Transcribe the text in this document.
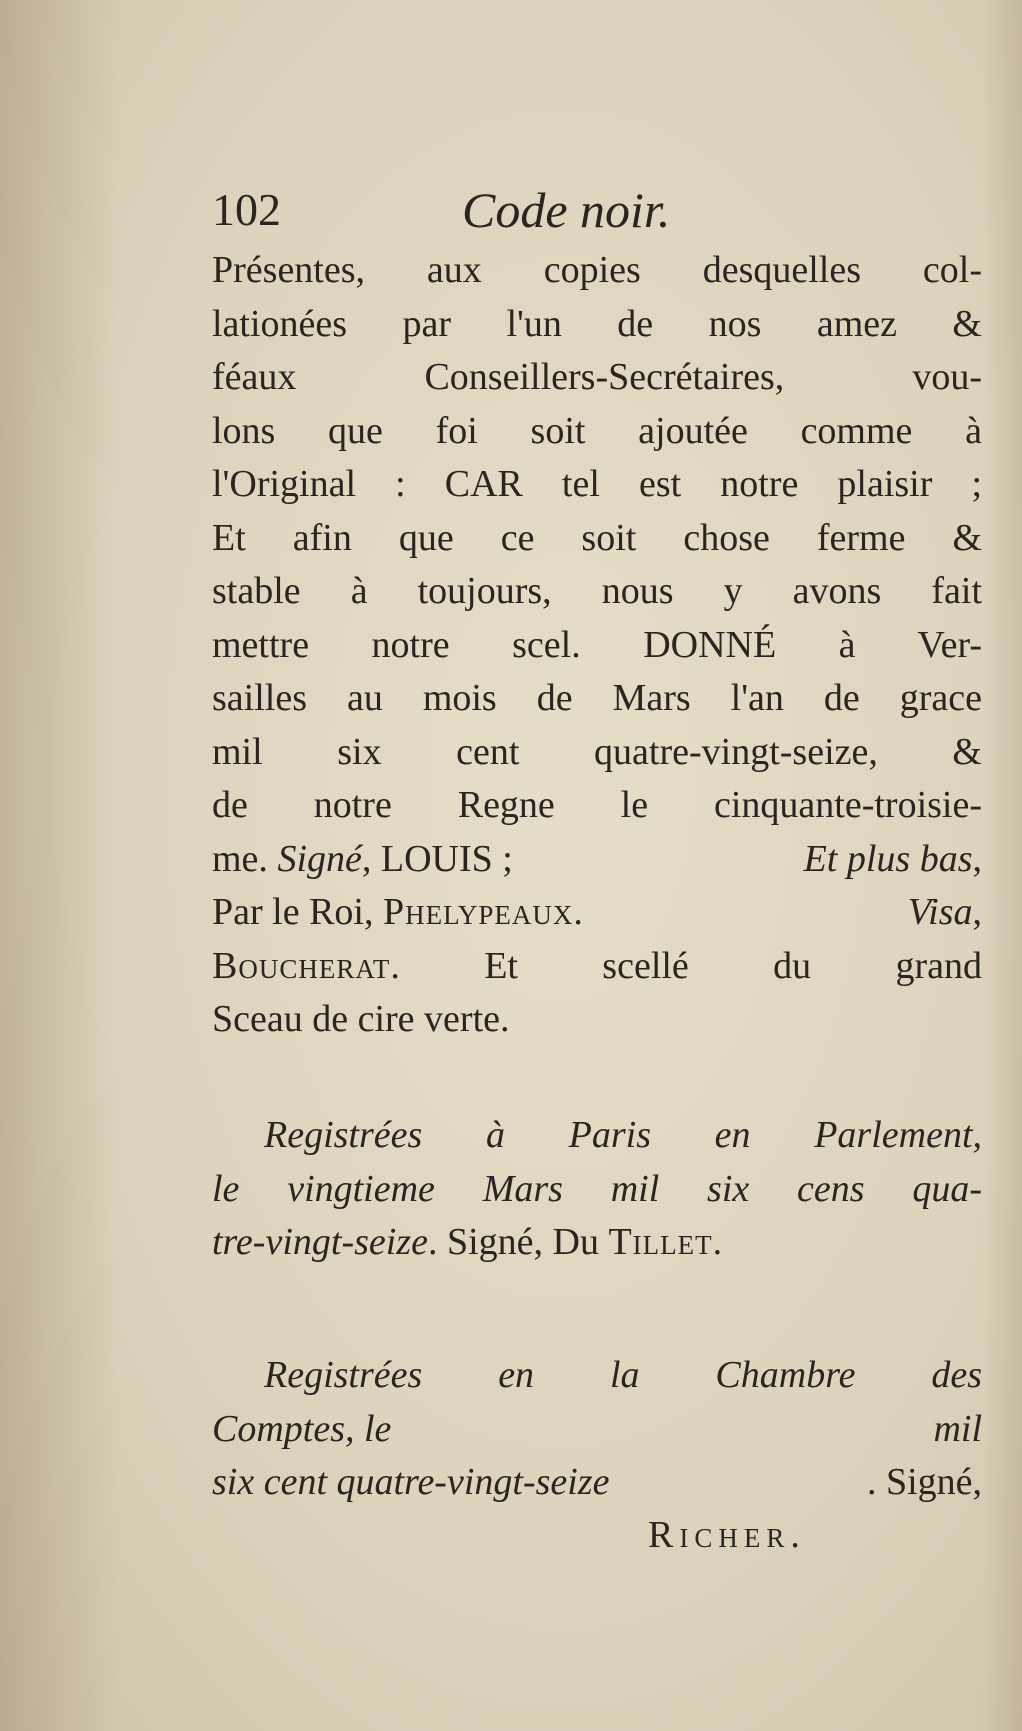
102	Code noir.
Présentes, aux copies desquelles col-
lationées par l'un de nos amez &
féaux Conseillers-Secrétaires, vou-
lons que foi soit ajoutée comme à
l'Original : CAR tel est notre plaisir ;
Et afin que ce soit chose ferme &
stable à toujours, nous y avons fait
mettre notre scel. DONNÉ à Ver-
sailles au mois de Mars l'an de grace
mil six cent quatre-vingt-seize, &
de notre Regne le cinquante-troisie-
me. Signé, LOUIS ;	Et plus bas,
Par le Roi, Phelypeaux.	Visa,
Boucherat . Et scellé du grand
Sceau de cire verte.
Registrées à Paris en Parlement,
le vingtieme Mars mil six cens qua-
tre-vingt-seize. Signé, Du Tillet.
Registrées en la Chambre des
Comptes, le	mil
six cent quatre-vingt-seize	. Signé,
Richer.
